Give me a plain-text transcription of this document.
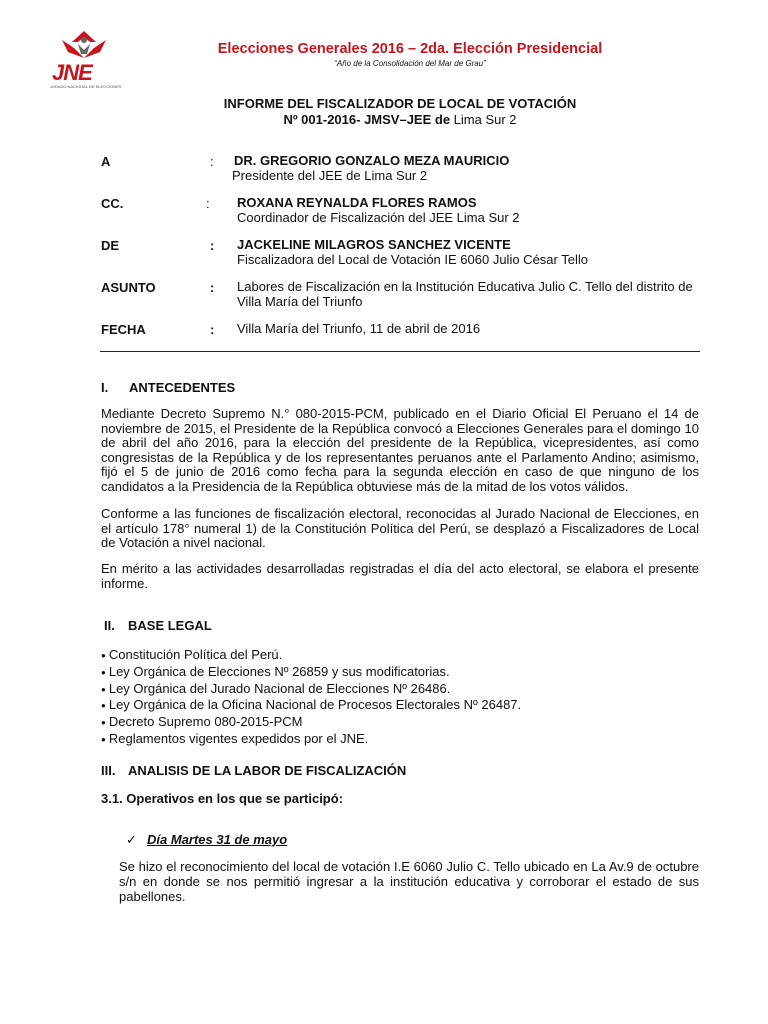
JNE
JURADO NACIONAL DE ELECCIONES
Elecciones Generales 2016 – 2da. Elección Presidencial
“Año de la Consolidación del Mar de Grau”
INFORME DEL FISCALIZADOR DE LOCAL DE VOTACIÓN
Nº 001-2016- JMSV–JEE de Lima Sur 2
A	: DR. GREGORIO GONZALO MEZA MAURICIO
Presidente del JEE de Lima Sur 2
CC.	: ROXANA REYNALDA FLORES RAMOS
Coordinador de Fiscalización del JEE Lima Sur 2
DE	: JACKELINE MILAGROS SANCHEZ VICENTE
Fiscalizadora del Local de Votación IE 6060 Julio César Tello
ASUNTO	: Labores de Fiscalización en la Institución Educativa Julio C. Tello del distrito de Villa María del Triunfo
FECHA	: Villa María del Triunfo, 11 de abril de 2016
I. ANTECEDENTES
Mediante Decreto Supremo N.° 080-2015-PCM, publicado en el Diario Oficial El Peruano el 14 de noviembre de 2015, el Presidente de la República convocó a Elecciones Generales para el domingo 10 de abril del año 2016, para la elección del presidente de la República, vicepresidentes, así como congresistas de la República y de los representantes peruanos ante el Parlamento Andino; asimismo, fijó el 5 de junio de 2016 como fecha para la segunda elección en caso de que ninguno de los candidatos a la Presidencia de la República obtuviese más de la mitad de los votos válidos.
Conforme a las funciones de fiscalización electoral, reconocidas al Jurado Nacional de Elecciones, en el artículo 178° numeral 1) de la Constitución Política del Perú, se desplazó a Fiscalizadores de Local de Votación a nivel nacional.
En mérito a las actividades desarrolladas registradas el día del acto electoral, se elabora el presente informe.
II. BASE LEGAL
● Constitución Política del Perú.
● Ley Orgánica de Elecciones Nº 26859 y sus modificatorias.
● Ley Orgánica del Jurado Nacional de Elecciones Nº 26486.
● Ley Orgánica de la Oficina Nacional de Procesos Electorales Nº 26487.
● Decreto Supremo 080-2015-PCM
● Reglamentos vigentes expedidos por el JNE.
III. ANALISIS DE LA LABOR DE FISCALIZACIÓN
3.1. Operativos en los que se participó:
✓ Día Martes 31 de mayo
Se hizo el reconocimiento del local de votación I.E 6060 Julio C. Tello ubicado en La Av.9 de octubre s/n en donde se nos permitió ingresar a la institución educativa y corroborar el estado de sus pabellones.
